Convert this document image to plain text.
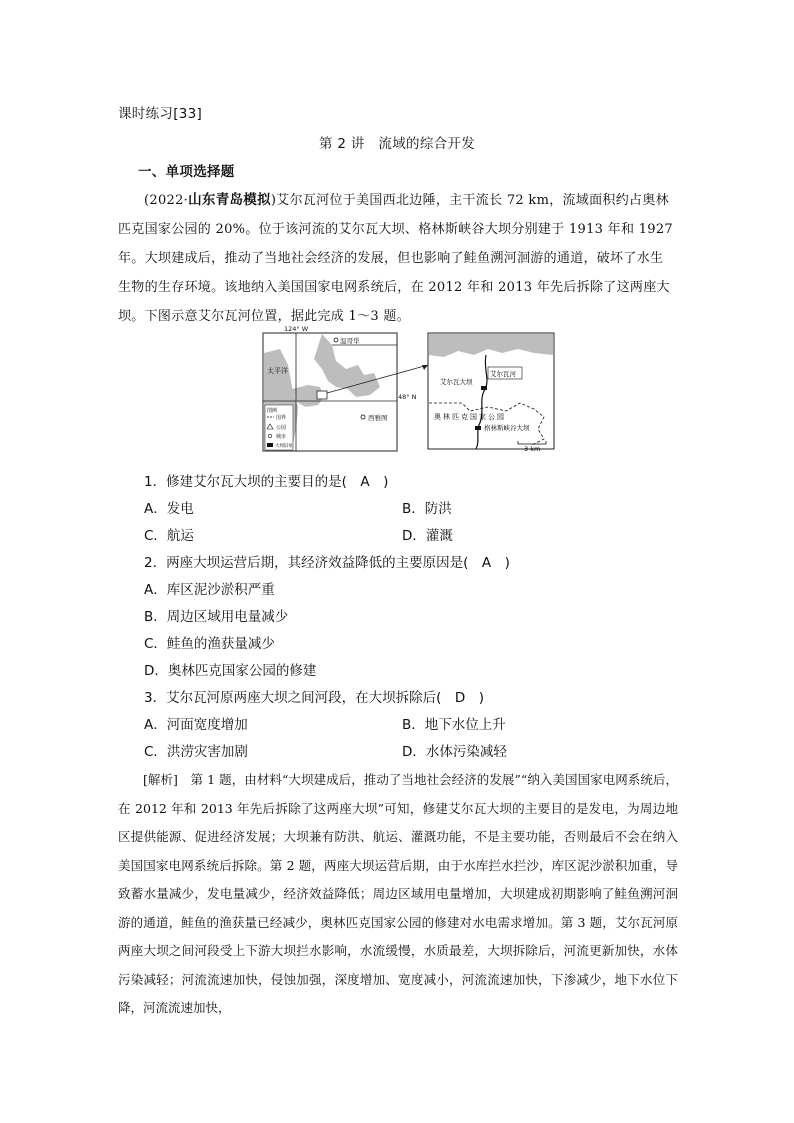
课时练习[33]
第 2 讲　流域的综合开发
一、单项选择题
(2022·山东青岛模拟)艾尔瓦河位于美国西北边陲，主干流长 72 km，流域面积约占奥林匹克国家公园的 20%。位于该河流的艾尔瓦大坝、格林斯峡谷大坝分别建于 1913 年和 1927 年。大坝建成后，推动了当地社会经济的发展，但也影响了鲑鱼溯河洄游的通道，破坏了水生生物的生存环境。该地纳入美国国家电网系统后，在 2012 年和 2013 年先后拆除了这两座大坝。下图示意艾尔瓦河位置，据此完成 1～3 题。
124° W
48° N
温哥华
西雅图
太平洋
图例
国界
公园
城市
大坝旧址
艾尔瓦河
艾尔瓦大坝
奥林匹克国家公园
格林斯峡谷大坝
3 km
1．修建艾尔瓦大坝的主要目的是(　A　)
A．发电	B．防洪
C．航运	D．灌溉
2．两座大坝运营后期，其经济效益降低的主要原因是(　A　)
A．库区泥沙淤积严重
B．周边区域用电量减少
C．鲑鱼的渔获量减少
D．奥林匹克国家公园的修建
3．艾尔瓦河原两座大坝之间河段，在大坝拆除后(　D　)
A．河面宽度增加	B．地下水位上升
C．洪涝灾害加剧	D．水体污染减轻
[解析]　第 1 题，由材料“大坝建成后，推动了当地社会经济的发展”“纳入美国国家电网系统后，在 2012 年和 2013 年先后拆除了这两座大坝”可知，修建艾尔瓦大坝的主要目的是发电，为周边地区提供能源、促进经济发展；大坝兼有防洪、航运、灌溉功能，不是主要功能，否则最后不会在纳入美国国家电网系统后拆除。第 2 题，两座大坝运营后期，由于水库拦水拦沙，库区泥沙淤积加重，导致蓄水量减少，发电量减少，经济效益降低；周边区域用电量增加，大坝建成初期影响了鲑鱼溯河洄游的通道，鲑鱼的渔获量已经减少，奥林匹克国家公园的修建对水电需求增加。第 3 题，艾尔瓦河原两座大坝之间河段受上下游大坝拦水影响，水流缓慢，水质最差，大坝拆除后，河流更新加快，水体污染减轻；河流流速加快，侵蚀加强，深度增加、宽度减小，河流流速加快，下渗减少，地下水位下降，河流流速加快，
